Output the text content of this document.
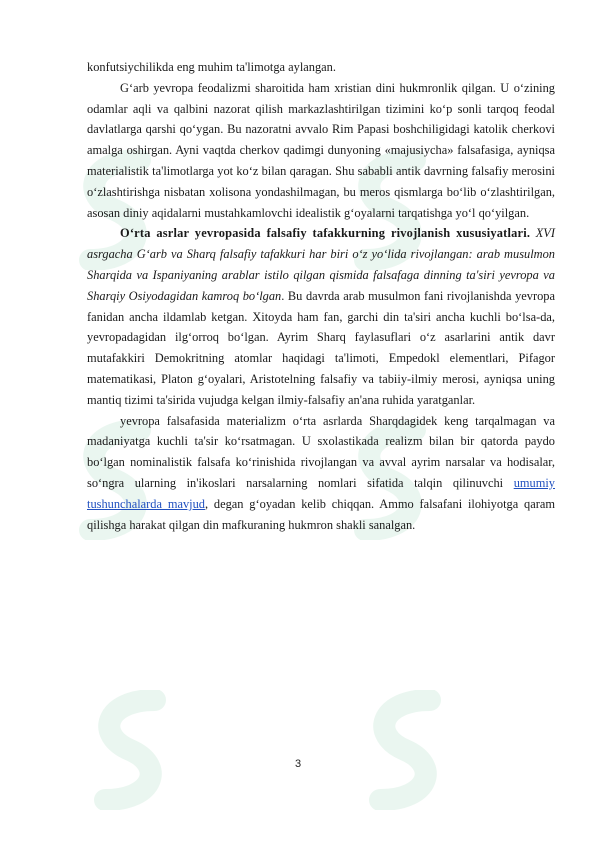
konfutsiychilikda eng muhim ta'limotga aylangan.

G‘arb yevropa feodalizmi sharoitida ham xristian dini hukmronlik qilgan. U o‘zining odamlar aqli va qalbini nazorat qilish markazlashtirilgan tizimini ko‘p sonli tarqoq feodal davlatlarga qarshi qo‘ygan. Bu nazoratni avvalo Rim Papasi boshchiligidagi katolik cherkovi amalga oshirgan. Ayni vaqtda cherkov qadimgi dunyoning «majusiycha» falsafasiga, ayniqsa materialistik ta'limotlarga yot ko‘z bilan qaragan. Shu sababli antik davrning falsafiy merosini o‘zlashtirishga nisbatan xolisona yondashilmagan, bu meros qismlarga bo‘lib o‘zlashtirilgan, asosan diniy aqidalarni mustahkamlovchi idealistik g‘oyalarni tarqatishga yo‘l qo‘yilgan.

O‘rta asrlar yevropasida falsafiy tafakkurning rivojlanish xususiyatlari. XVI asrgacha G‘arb va Sharq falsafiy tafakkuri har biri o‘z yo‘lida rivojlangan: arab musulmon Sharqida va Ispaniyaning arablar istilo qilgan qismida falsafaga dinning ta'siri yevropa va Sharqiy Osiyodagidan kamroq bo‘lgan. Bu davrda arab musulmon fani rivojlanishda yevropa fanidan ancha ildamlab ketgan. Xitoyda ham fan, garchi din ta'siri ancha kuchli bo‘lsa-da, yevropadagidan ilg‘orroq bo‘lgan. Ayrim Sharq faylasuflari o‘z asarlarini antik davr mutafakkiri Demokritning atomlar haqidagi ta'limoti, Empedokl elementlari, Pifagor matematikasi, Platon g‘oyalari, Aristotelning falsafiy va tabiiy-ilmiy merosi, ayniqsa uning mantiq tizimi ta'sirida vujudga kelgan ilmiy-falsafiy an'ana ruhida yaratganlar.

yevropa falsafasida materializm o‘rta asrlarda Sharqdagidek keng tarqalmagan va madaniyatga kuchli ta'sir ko‘rsatmagan. U sxolastikada realizm bilan bir qatorda paydo bo‘lgan nominalistik falsafa ko‘rinishida rivojlangan va avval ayrim narsalar va hodisalar, so‘ngra ularning in'ikoslari narsalarning nomlari sifatida talqin qilinuvchi umumiy tushunchalarda mavjud, degan g‘oyadan kelib chiqqan. Ammo falsafani ilohiyotga qaram qilishga harakat qilgan din mafkuraning hukmron shakli sanalgan.

3
